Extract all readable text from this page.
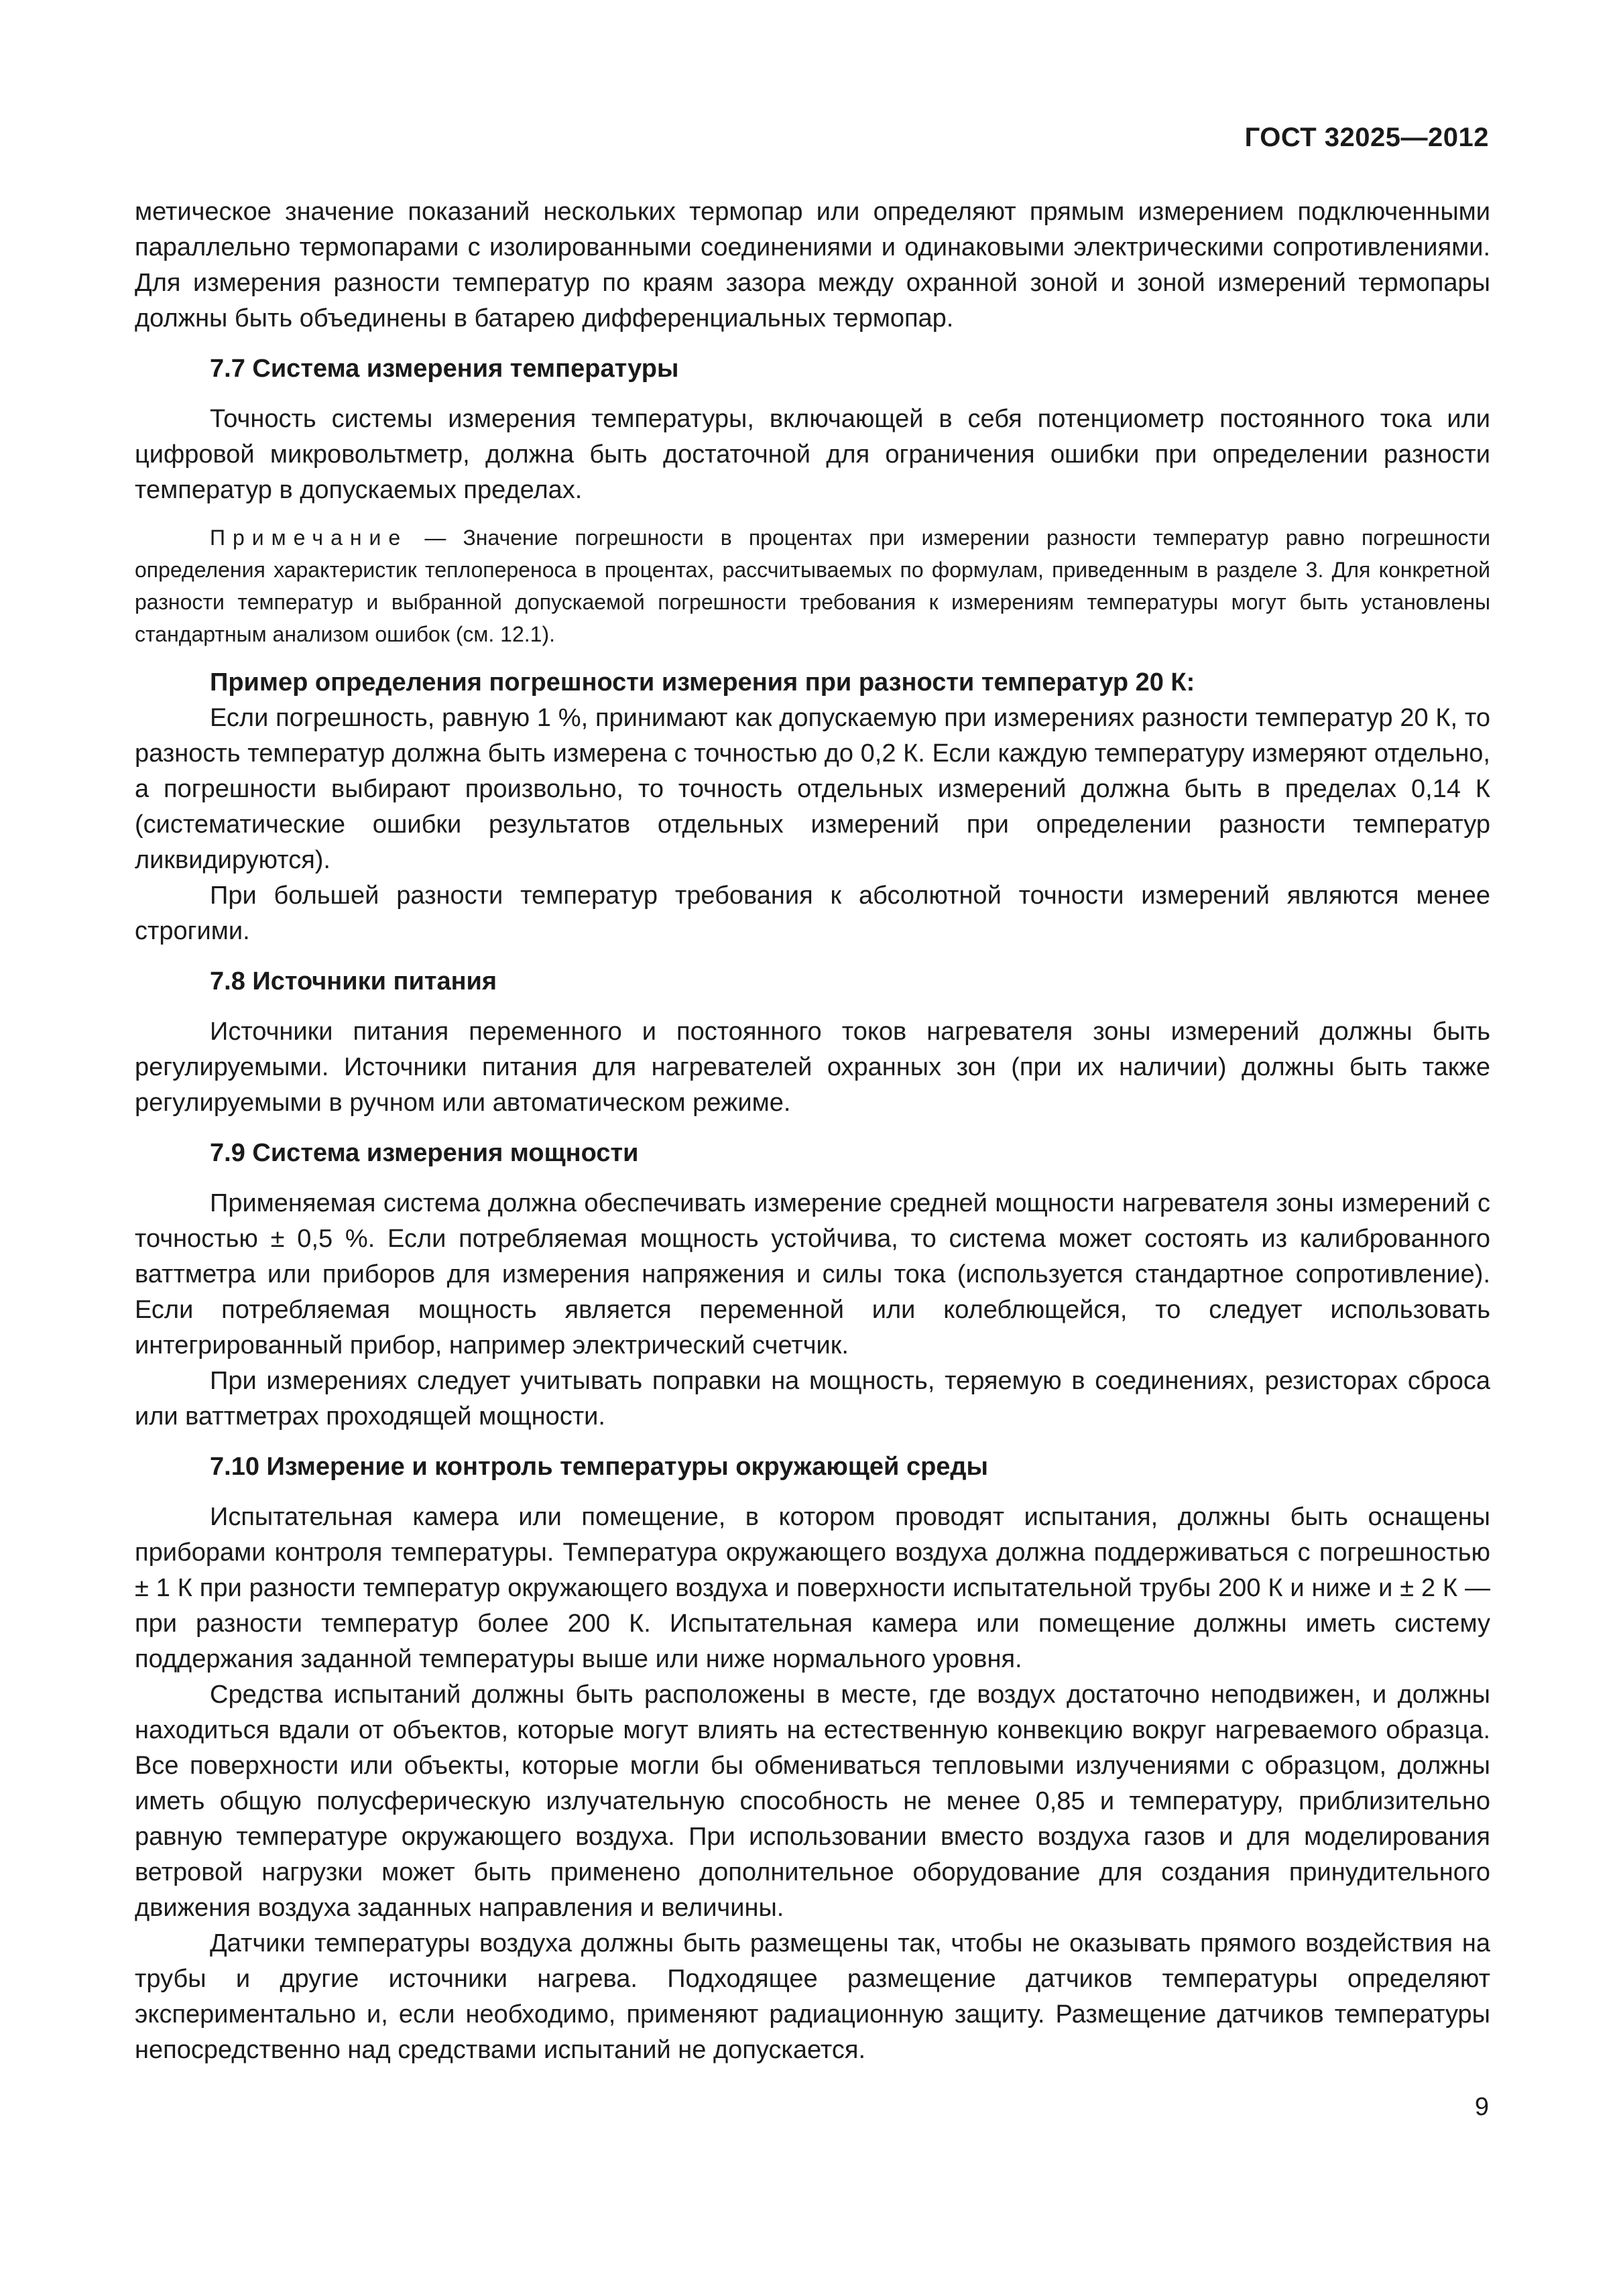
ГОСТ 32025—2012

метическое значение показаний нескольких термопар или определяют прямым измерением подключенными параллельно термопарами с изолированными соединениями и одинаковыми электрическими сопротивлениями. Для измерения разности температур по краям зазора между охранной зоной и зоной измерений термопары должны быть объединены в батарею дифференциальных термопар.

7.7 Система измерения температуры

Точность системы измерения температуры, включающей в себя потенциометр постоянного тока или цифровой микровольтметр, должна быть достаточной для ограничения ошибки при определении разности температур в допускаемых пределах.

Примечание — Значение погрешности в процентах при измерении разности температур равно погрешности определения характеристик теплопереноса в процентах, рассчитываемых по формулам, приведенным в разделе 3. Для конкретной разности температур и выбранной допускаемой погрешности требования к измерениям температуры могут быть установлены стандартным анализом ошибок (см. 12.1).

Пример определения погрешности измерения при разности температур 20 К:

Если погрешность, равную 1 %, принимают как допускаемую при измерениях разности температур 20 К, то разность температур должна быть измерена с точностью до 0,2 К. Если каждую температуру измеряют отдельно, а погрешности выбирают произвольно, то точность отдельных измерений должна быть в пределах 0,14 К (систематические ошибки результатов отдельных измерений при определении разности температур ликвидируются).

При большей разности температур требования к абсолютной точности измерений являются менее строгими.

7.8 Источники питания

Источники питания переменного и постоянного токов нагревателя зоны измерений должны быть регулируемыми. Источники питания для нагревателей охранных зон (при их наличии) должны быть также регулируемыми в ручном или автоматическом режиме.

7.9 Система измерения мощности

Применяемая система должна обеспечивать измерение средней мощности нагревателя зоны измерений с точностью ± 0,5 %. Если потребляемая мощность устойчива, то система может состоять из калиброванного ваттметра или приборов для измерения напряжения и силы тока (используется стандартное сопротивление). Если потребляемая мощность является переменной или колеблющейся, то следует использовать интегрированный прибор, например электрический счетчик.

При измерениях следует учитывать поправки на мощность, теряемую в соединениях, резисторах сброса или ваттметрах проходящей мощности.

7.10 Измерение и контроль температуры окружающей среды

Испытательная камера или помещение, в котором проводят испытания, должны быть оснащены приборами контроля температуры. Температура окружающего воздуха должна поддерживаться с погрешностью ± 1 К при разности температур окружающего воздуха и поверхности испытательной трубы 200 К и ниже и ± 2 К — при разности температур более 200 К. Испытательная камера или помещение должны иметь систему поддержания заданной температуры выше или ниже нормального уровня.

Средства испытаний должны быть расположены в месте, где воздух достаточно неподвижен, и должны находиться вдали от объектов, которые могут влиять на естественную конвекцию вокруг нагреваемого образца. Все поверхности или объекты, которые могли бы обмениваться тепловыми излучениями с образцом, должны иметь общую полусферическую излучательную способность не менее 0,85 и температуру, приблизительно равную температуре окружающего воздуха. При использовании вместо воздуха газов и для моделирования ветровой нагрузки может быть применено дополнительное оборудование для создания принудительного движения воздуха заданных направления и величины.

Датчики температуры воздуха должны быть размещены так, чтобы не оказывать прямого воздействия на трубы и другие источники нагрева. Подходящее размещение датчиков температуры определяют экспериментально и, если необходимо, применяют радиационную защиту. Размещение датчиков температуры непосредственно над средствами испытаний не допускается.

9
